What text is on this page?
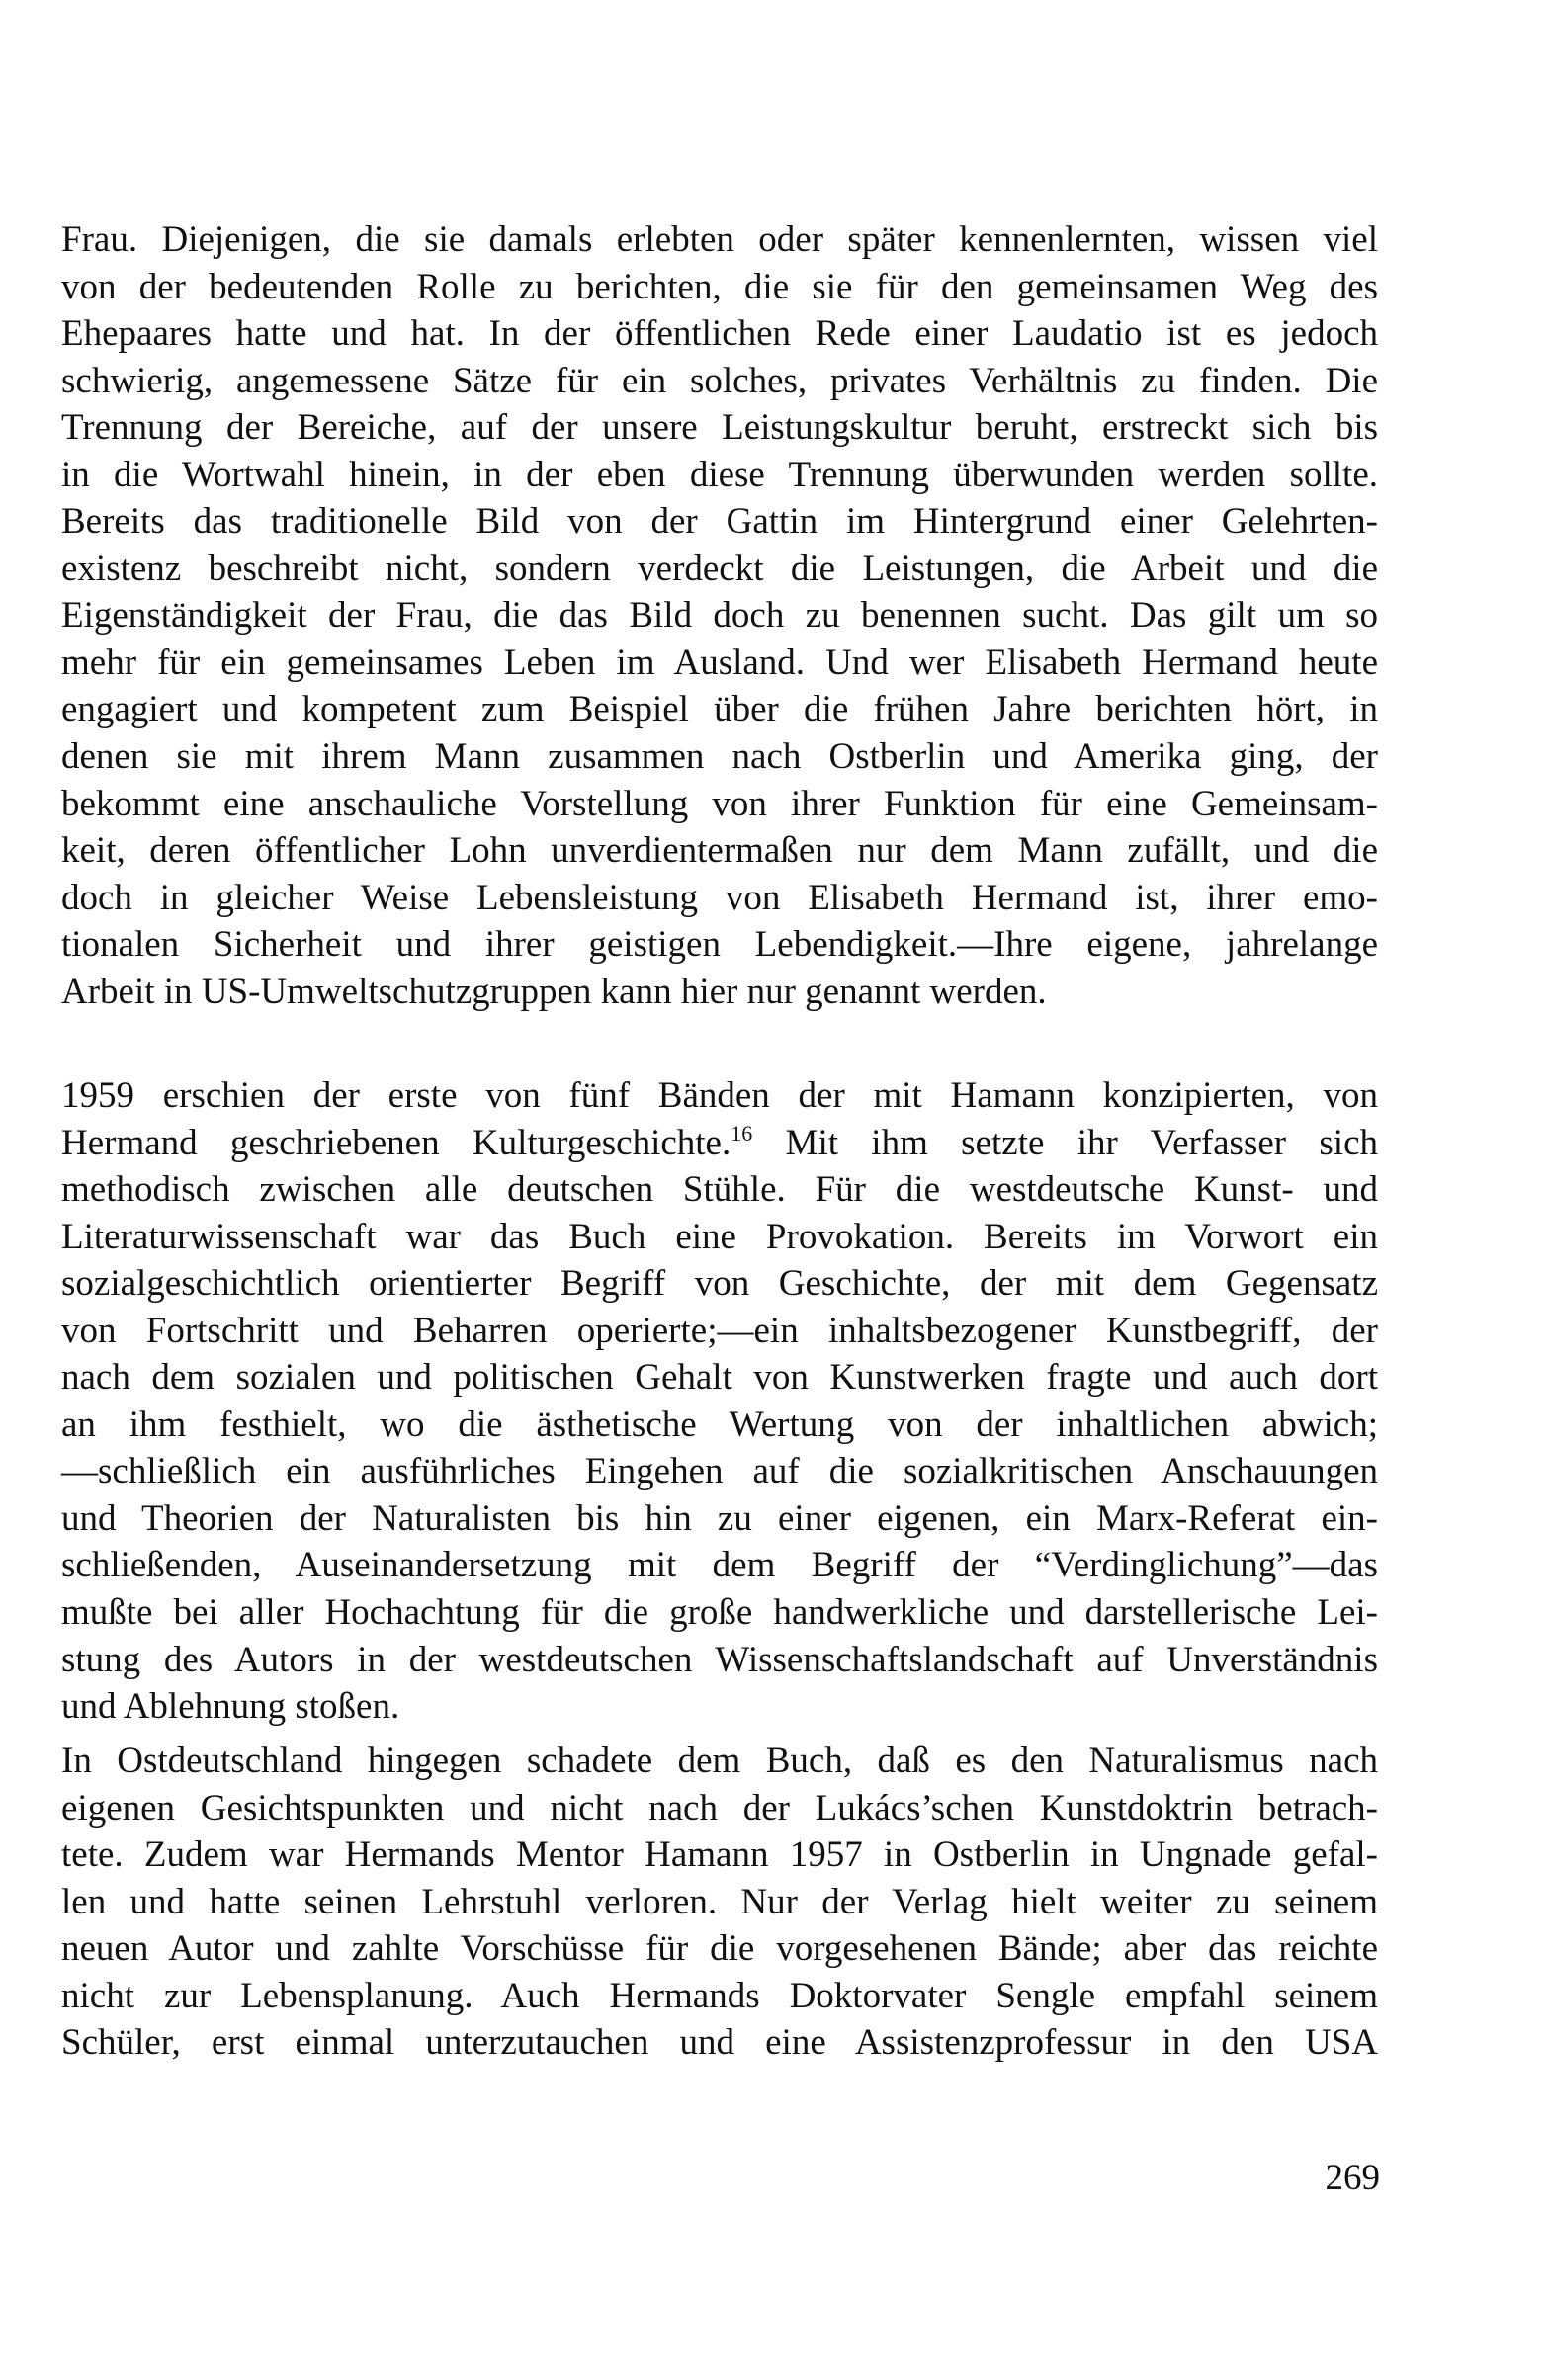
Frau. Diejenigen, die sie damals erlebten oder später kennenlernten, wissen viel
von der bedeutenden Rolle zu berichten, die sie für den gemeinsamen Weg des
Ehepaares hatte und hat. In der öffentlichen Rede einer Laudatio ist es jedoch
schwierig, angemessene Sätze für ein solches, privates Verhältnis zu finden. Die
Trennung der Bereiche, auf der unsere Leistungskultur beruht, erstreckt sich bis
in die Wortwahl hinein, in der eben diese Trennung überwunden werden sollte.
Bereits das traditionelle Bild von der Gattin im Hintergrund einer Gelehrten-
existenz beschreibt nicht, sondern verdeckt die Leistungen, die Arbeit und die
Eigenständigkeit der Frau, die das Bild doch zu benennen sucht. Das gilt um so
mehr für ein gemeinsames Leben im Ausland. Und wer Elisabeth Hermand heute
engagiert und kompetent zum Beispiel über die frühen Jahre berichten hört, in
denen sie mit ihrem Mann zusammen nach Ostberlin und Amerika ging, der
bekommt eine anschauliche Vorstellung von ihrer Funktion für eine Gemeinsam-
keit, deren öffentlicher Lohn unverdientermaßen nur dem Mann zufällt, und die
doch in gleicher Weise Lebensleistung von Elisabeth Hermand ist, ihrer emo-
tionalen Sicherheit und ihrer geistigen Lebendigkeit.—Ihre eigene, jahrelange
Arbeit in US-Umweltschutzgruppen kann hier nur genannt werden.
1959 erschien der erste von fünf Bänden der mit Hamann konzipierten, von
Hermand geschriebenen Kulturgeschichte.$^{16}$ Mit ihm setzte ihr Verfasser sich
methodisch zwischen alle deutschen Stühle. Für die westdeutsche Kunst- und
Literaturwissenschaft war das Buch eine Provokation. Bereits im Vorwort ein
sozialgeschichtlich orientierter Begriff von Geschichte, der mit dem Gegensatz
von Fortschritt und Beharren operierte;—ein inhaltsbezogener Kunstbegriff, der
nach dem sozialen und politischen Gehalt von Kunstwerken fragte und auch dort
an ihm festhielt, wo die ästhetische Wertung von der inhaltlichen abwich;
—schließlich ein ausführliches Eingehen auf die sozialkritischen Anschauungen
und Theorien der Naturalisten bis hin zu einer eigenen, ein Marx-Referat ein-
schließenden, Auseinandersetzung mit dem Begriff der “Verdinglichung”—das
mußte bei aller Hochachtung für die große handwerkliche und darstellerische Lei-
stung des Autors in der westdeutschen Wissenschaftslandschaft auf Unverständnis
und Ablehnung stoßen.
In Ostdeutschland hingegen schadete dem Buch, daß es den Naturalismus nach
eigenen Gesichtspunkten und nicht nach der Lukács’schen Kunstdoktrin betrach-
tete. Zudem war Hermands Mentor Hamann 1957 in Ostberlin in Ungnade gefal-
len und hatte seinen Lehrstuhl verloren. Nur der Verlag hielt weiter zu seinem
neuen Autor und zahlte Vorschüsse für die vorgesehenen Bände; aber das reichte
nicht zur Lebensplanung. Auch Hermands Doktorvater Sengle empfahl seinem
Schüler, erst einmal unterzutauchen und eine Assistenzprofessur in den USA
269
